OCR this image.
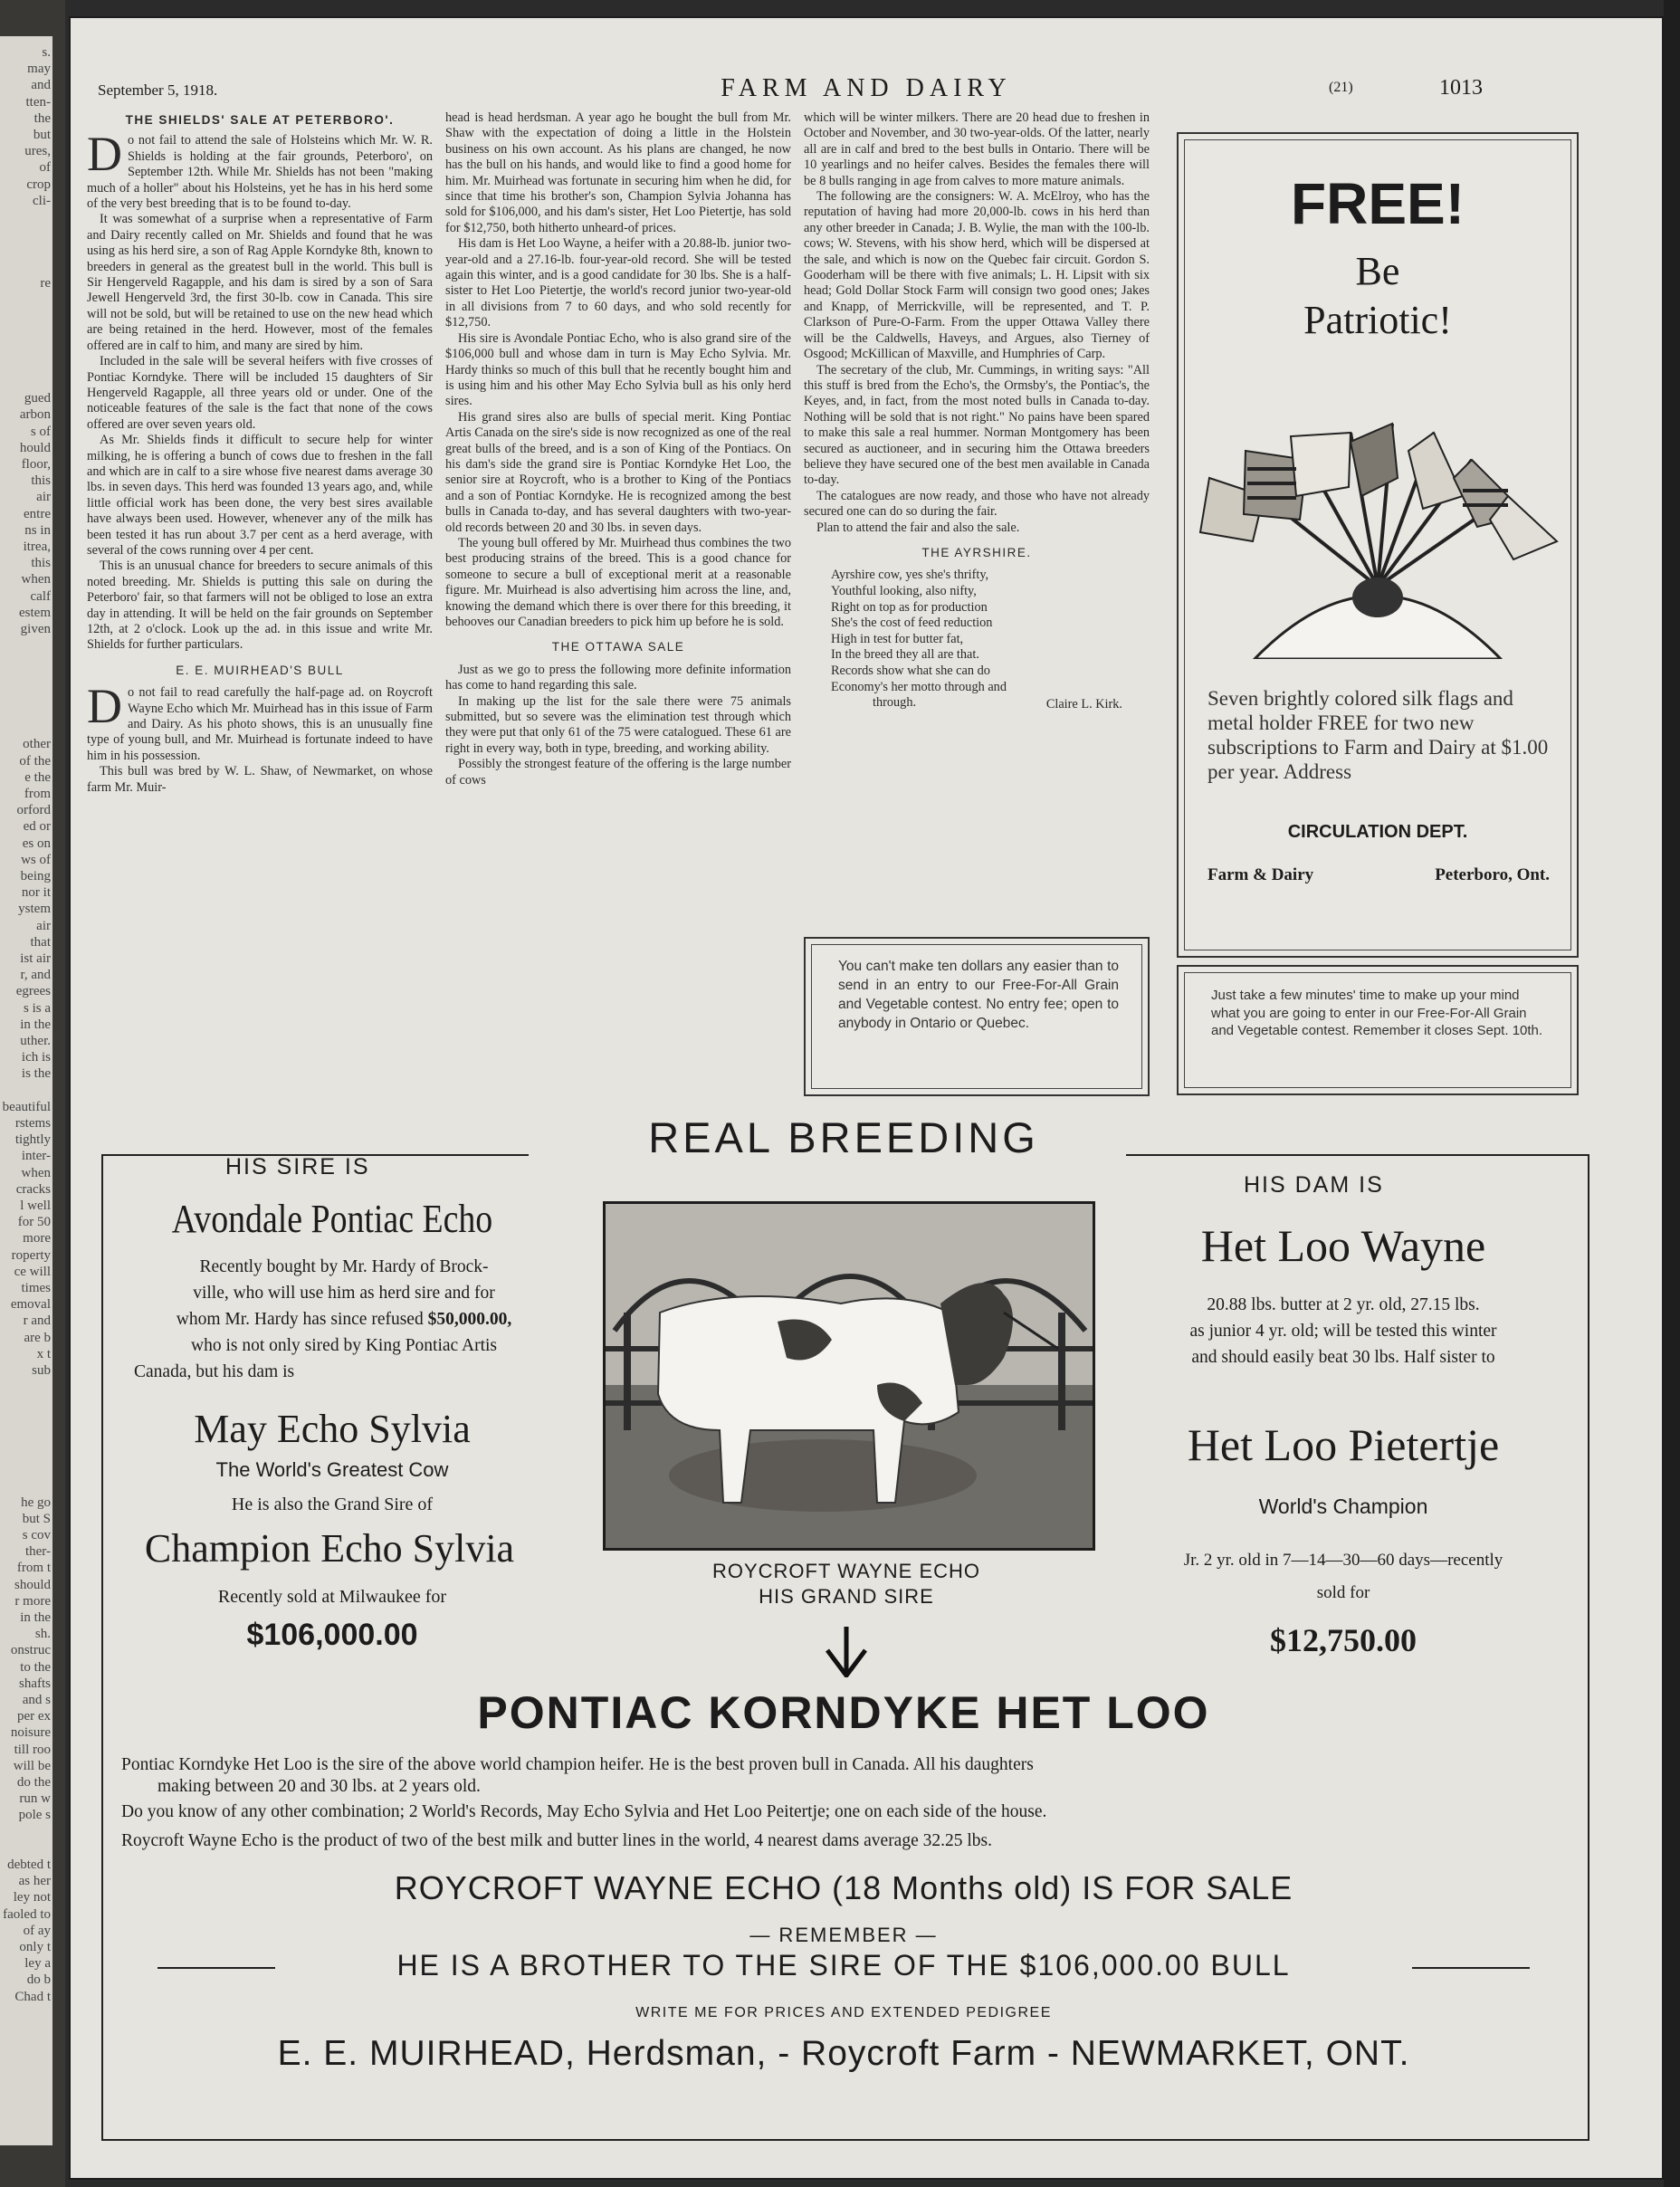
s.
may
and
tten-
the
but
ures,
of
crop
cli-
re
gued
arbon
s of
hould
floor,
this
air
entre
ns in
itrea,
this
when
calf
estem
given
other
of the
e the
from
orford
ed or
es on
ws of
being
nor it
ystem
air
that
ist air
r, and
egrees
s is a
in the
uther.
ich is
is the
beautiful
rstems
tightly
inter-
when
cracks
l well
for 50
more
roperty
ce will
times
emoval
r and
are b
x t
sub
he go
but S
s cov
ther-
from t
should
r more
in the
sh.
onstruc
to the
shafts
and s
per ex
noisure
till roo
will be
do the
run w
pole s
debted t
as her
ley not
faoled to
of ay
only t
ley a
do b
Chad t
September 5, 1918.	FARM AND DAIRY	(21)	1013
THE SHIELDS' SALE AT PETERBORO'.

Do not fail to attend the sale of Holsteins which Mr. W. R. Shields is holding at the fair grounds, Peterboro', on September 12th. While Mr. Shields has not been "making much of a holler" about his Holsteins, yet he has in his herd some of the very best breeding that is to be found to-day.

It was somewhat of a surprise when a representative of Farm and Dairy recently called on Mr. Shields and found that he was using as his herd sire, a son of Rag Apple Korndyke 8th, known to breeders in general as the greatest bull in the world. This bull is Sir Hengerveld Ragapple, and his dam is sired by a son of Sara Jewell Hengerveld 3rd, the first 30-lb. cow in Canada. This sire will not be sold, but will be retained to use on the new head which are being retained in the herd. However, most of the females offered are in calf to him, and many are sired by him.

Included in the sale will be several heifers with five crosses of Pontiac Korndyke. There will be included 15 daughters of Sir Hengerveld Ragapple, all three years old or under. One of the noticeable features of the sale is the fact that none of the cows offered are over seven years old.

As Mr. Shields finds it difficult to secure help for winter milking, he is offering a bunch of cows due to freshen in the fall and which are in calf to a sire whose five nearest dams average 30 lbs. in seven days. This herd was founded 13 years ago, and, while little official work has been done, the very best sires available have always been used. However, whenever any of the milk has been tested it has run about 3.7 per cent as a herd average, with several of the cows running over 4 per cent.

This is an unusual chance for breeders to secure animals of this noted breeding. Mr. Shields is putting this sale on during the Peterboro' fair, so that farmers will not be obliged to lose an extra day in attending. It will be held on the fair grounds on September 12th, at 2 o'clock. Look up the ad. in this issue and write Mr. Shields for further particulars.

E. E. MUIRHEAD'S BULL

Do not fail to read carefully the half-page ad. on Roycroft Wayne Echo which Mr. Muirhead has in this issue of Farm and Dairy. As his photo shows, this is an unusually fine type of young bull, and Mr. Muirhead is fortunate indeed to have him in his possession.

This bull was bred by W. L. Shaw, of Newmarket, on whose farm Mr. Muir-

head is head herdsman. A year ago he bought the bull from Mr. Shaw with the expectation of doing a little in the Holstein business on his own account. As his plans are changed, he now has the bull on his hands, and would like to find a good home for him. Mr. Muirhead was fortunate in securing him when he did, for since that time his brother's son, Champion Sylvia Johanna has sold for $106,000, and his dam's sister, Het Loo Pietertje, has sold for $12,750, both hitherto unheard-of prices.

His dam is Het Loo Wayne, a heifer with a 20.88-lb. junior two-year-old and a 27.16-lb. four-year-old record. She will be tested again this winter, and is a good candidate for 30 lbs. She is a half-sister to Het Loo Pietertje, the world's record junior two-year-old in all divisions from 7 to 60 days, and who sold recently for $12,750.

His sire is Avondale Pontiac Echo, who is also grand sire of the $106,000 bull and whose dam in turn is May Echo Sylvia. Mr. Hardy thinks so much of this bull that he recently bought him and is using him and his other May Echo Sylvia bull as his only herd sires.

His grand sires also are bulls of special merit. King Pontiac Artis Canada on the sire's side is now recognized as one of the real great bulls of the breed, and is a son of King of the Pontiacs. On his dam's side the grand sire is Pontiac Korndyke Het Loo, the senior sire at Roycroft, who is a brother to King of the Pontiacs and a son of Pontiac Korndyke. He is recognized among the best bulls in Canada to-day, and has several daughters with two-year-old records between 20 and 30 lbs. in seven days.

The young bull offered by Mr. Muirhead thus combines the two best producing strains of the breed. This is a good chance for someone to secure a bull of exceptional merit at a reasonable figure. Mr. Muirhead is also advertising him across the line, and, knowing the demand which there is over there for this breeding, it behooves our Canadian breeders to pick him up before he is sold.

THE OTTAWA SALE

Just as we go to press the following more definite information has come to hand regarding this sale.

In making up the list for the sale there were 75 animals submitted, but so severe was the elimination test through which they were put that only 61 of the 75 were catalogued. These 61 are right in every way, both in type, breeding, and working ability.

Possibly the strongest feature of the offering is the large number of cows

which will be winter milkers. There are 20 head due to freshen in October and November, and 30 two-year-olds. Of the latter, nearly all are in calf and bred to the best bulls in Ontario. There will be 10 yearlings and no heifer calves. Besides the females there will be 8 bulls ranging in age from calves to more mature animals.

The following are the consigners: W. A. McElroy, who has the reputation of having had more 20,000-lb. cows in his herd than any other breeder in Canada; J. B. Wylie, the man with the 100-lb. cows; W. Stevens, with his show herd, which will be dispersed at the sale, and which is now on the Quebec fair circuit. Gordon S. Gooderham will be there with five animals; L. H. Lipsit with six head; Gold Dollar Stock Farm will consign two good ones; Jakes and Knapp, of Merrickville, will be represented, and T. P. Clarkson of Pure-O-Farm. From the upper Ottawa Valley there will be the Caldwells, Haveys, and Argues, also Tierney of Osgood; McKillican of Maxville, and Humphries of Carp.

The secretary of the club, Mr. Cummings, in writing says: "All this stuff is bred from the Echo's, the Ormsby's, the Pontiac's, the Keyes, and, in fact, from the most noted bulls in Canada to-day. Nothing will be sold that is not right." No pains have been spared to make this sale a real hummer. Norman Montgomery has been secured as auctioneer, and in securing him the Ottawa breeders believe they have secured one of the best men available in Canada to-day.

The catalogues are now ready, and those who have not already secured one can do so during the fair.

Plan to attend the fair and also the sale.

THE AYRSHIRE.
Ayrshire cow, yes she's thrifty,
Youthful looking, also nifty,
Right on top as for production
She's the cost of feed reduction
High in test for butter fat,
In the breed they all are that.
Records show what she can do
Economy's her motto through and
through.	Claire L. Kirk.
You can't make ten dollars any easier than to send in an entry to our Free-For-All Grain and Vegetable contest. No entry fee; open to anybody in Ontario or Quebec.
FREE!
Be
Patriotic!
Seven brightly colored silk flags and metal holder FREE for two new subscriptions to Farm and Dairy at $1.00 per year. Address
CIRCULATION DEPT.
Farm & Dairy	Peterboro, Ont.
Just take a few minutes' time to make up your mind what you are going to enter in our Free-For-All Grain and Vegetable contest. Remember it closes Sept. 10th.
REAL BREEDING
HIS SIRE IS
Avondale Pontiac Echo
Recently bought by Mr. Hardy of Brock-
ville, who will use him as herd sire and for
whom Mr. Hardy has since refused $50,000.00,
who is not only sired by King Pontiac Artis
Canada, but his dam is
May Echo Sylvia
The World's Greatest Cow
He is also the Grand Sire of
Champion Echo Sylvia
Recently sold at Milwaukee for
$106,000.00
ROYCROFT WAYNE ECHO
HIS GRAND SIRE
HIS DAM IS
Het Loo Wayne
20.88 lbs. butter at 2 yr. old, 27.15 lbs.
as junior 4 yr. old; will be tested this winter
and should easily beat 30 lbs. Half sister to
Het Loo Pietertje
World's Champion
Jr. 2 yr. old in 7—14—30—60 days—recently
sold for
$12,750.00
PONTIAC KORNDYKE HET LOO
Pontiac Korndyke Het Loo is the sire of the above world champion heifer. He is the best proven bull in Canada. All his daughters
making between 20 and 30 lbs. at 2 years old.
Do you know of any other combination; 2 World's Records, May Echo Sylvia and Het Loo Peitertje; one on each side of the house.
Roycroft Wayne Echo is the product of two of the best milk and butter lines in the world, 4 nearest dams average 32.25 lbs.
ROYCROFT WAYNE ECHO (18 Months old) IS FOR SALE
— REMEMBER —
HE IS A BROTHER TO THE SIRE OF THE $106,000.00 BULL
WRITE ME FOR PRICES AND EXTENDED PEDIGREE
E. E. MUIRHEAD, Herdsman, - Roycroft Farm - NEWMARKET, ONT.
